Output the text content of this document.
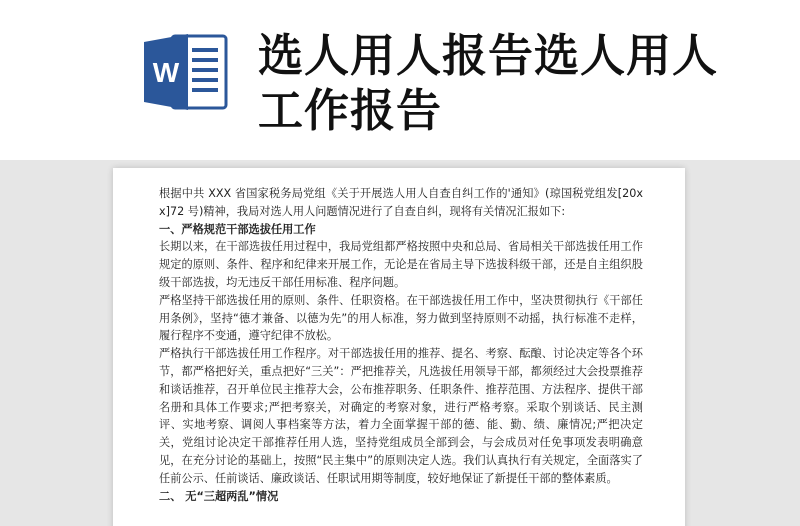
W 选人用人报告选人用人工作报告

根据中共 XXX 省国家税务局党组《关于开展选人用人自查自纠工作的'通知》(琼国税党组发[20xx]72 号)精神，我局对选人用人问题情况进行了自查自纠，现将有关情况汇报如下:

一、严格规范干部选拔任用工作

长期以来，在干部选拔任用过程中，我局党组都严格按照中央和总局、省局相关干部选拔任用工作规定的原则、条件、程序和纪律来开展工作，无论是在省局主导下选拔科级干部，还是自主组织股级干部选拔，均无违反干部任用标准、程序问题。

严格坚持干部选拔任用的原则、条件、任职资格。在干部选拔任用工作中，坚决贯彻执行《干部任用条例》，坚持“德才兼备、以德为先”的用人标准，努力做到坚持原则不动摇，执行标准不走样，履行程序不变通，遵守纪律不放松。

严格执行干部选拔任用工作程序。对干部选拔任用的推荐、提名、考察、酝酿、讨论决定等各个环节，都严格把好关，重点把好“三关”：严把推荐关，凡选拔任用领导干部，都须经过大会投票推荐和谈话推荐，召开单位民主推荐大会，公布推荐职务、任职条件、推荐范围、方法程序、提供干部名册和具体工作要求;严把考察关，对确定的考察对象，进行严格考察。采取个别谈话、民主测评、实地考察、调阅人事档案等方法，着力全面掌握干部的德、能、勤、绩、廉情况;严把决定关，党组讨论决定干部推荐任用人选，坚持党组成员全部到会，与会成员对任免事项发表明确意见，在充分讨论的基础上，按照“民主集中”的原则决定人选。我们认真执行有关规定，全面落实了任前公示、任前谈话、廉政谈话、任职试用期等制度，较好地保证了新提任干部的整体素质。

二、 无“三超两乱”情况
